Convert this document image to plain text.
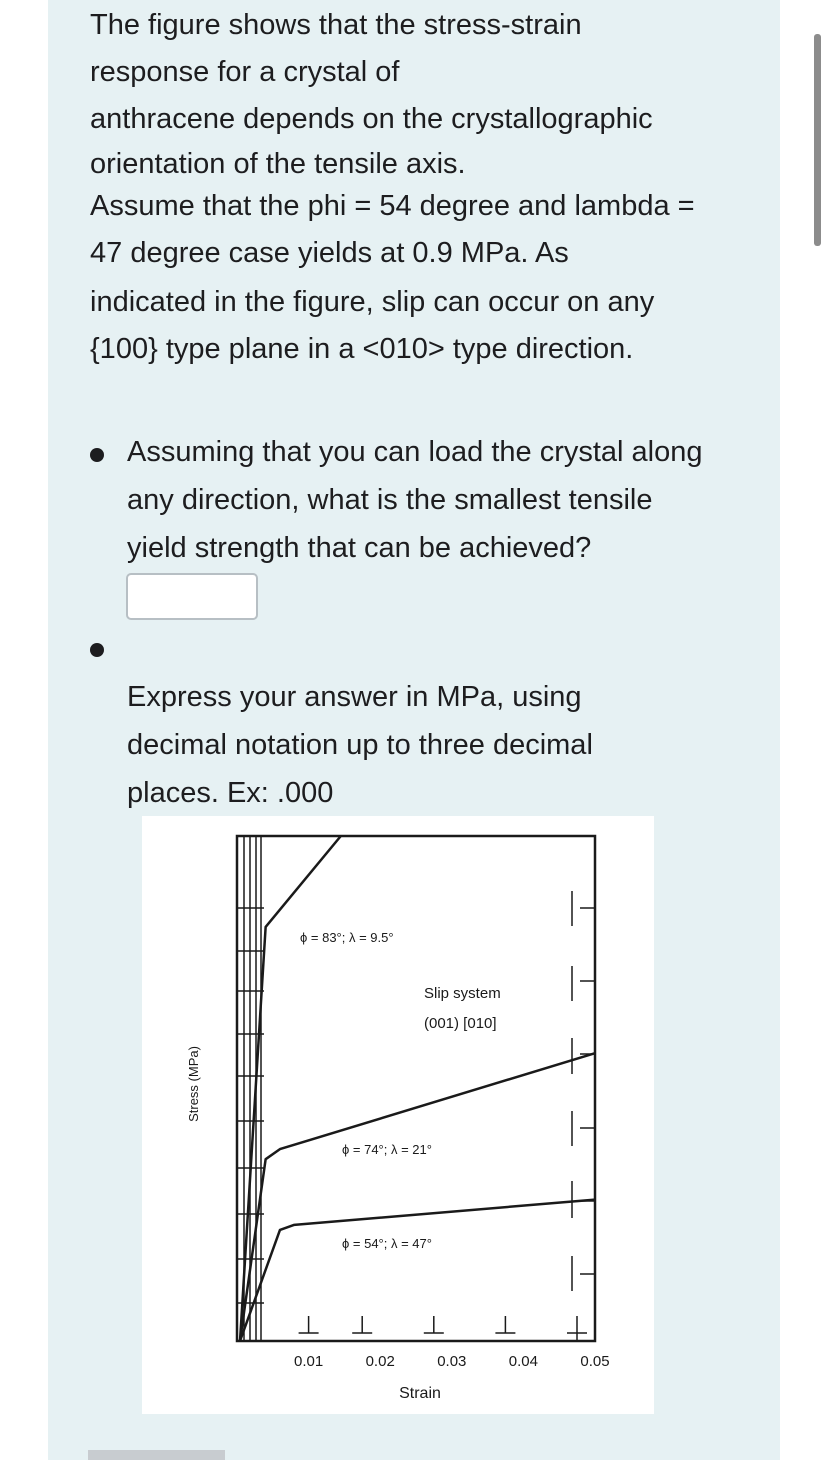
The figure shows that the stress-strain

response for a crystal of

anthracene depends on the crystallographic

orientation of the tensile axis.

Assume that the phi = 54 degree and lambda =

47 degree case yields at 0.9 MPa. As

indicated in the figure, slip can occur on any

{100} type plane in a <010> type direction.

Assuming that you can load the crystal along
any direction, what is the smallest tensile
yield strength that can be achieved?
Express your answer in MPa, using
decimal notation up to three decimal
places. Ex: .000
0.01	0.02	0.03	0.04	0.05
ϕ = 83°; λ = 9.5°
Slip system
(001) [010]
ϕ = 74°; λ = 21°
ϕ = 54°; λ = 47°
Strain
Stress (MPa)
